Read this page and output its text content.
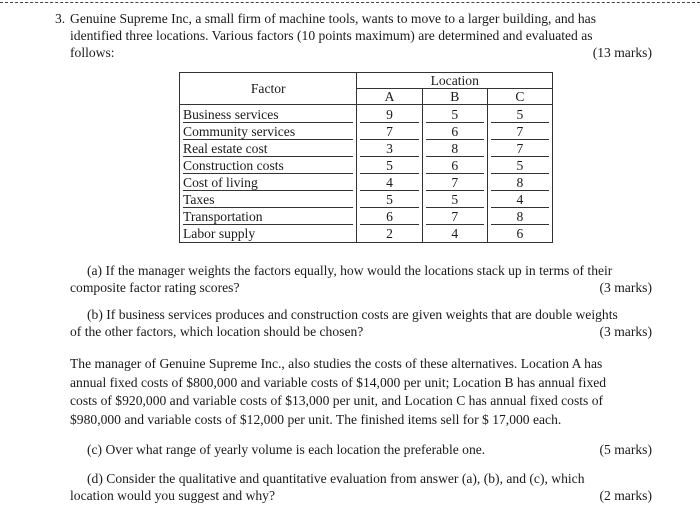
3. Genuine Supreme Inc, a small firm of machine tools, wants to move to a larger building, and has
identified three locations. Various factors (10 points maximum) are determined and evaluated as
follows:	(13 marks)
Factor	Location		
	A	B	C

Business services	9	5	5

Community services	7	6	7

Real estate cost	3	8	7

Construction costs	5	6	5

Cost of living	4	7	8

Taxes	5	5	4

Transportation	6	7	8

Labor supply	2	4	6
(a) If the manager weights the factors equally, how would the locations stack up in terms of their
composite factor rating scores?	(3 marks)
(b) If business services produces and construction costs are given weights that are double weights
of the other factors, which location should be chosen?	(3 marks)
The manager of Genuine Supreme Inc., also studies the costs of these alternatives. Location A has
annual fixed costs of $800,000 and variable costs of $14,000 per unit; Location B has annual fixed
costs of $920,000 and variable costs of $13,000 per unit, and Location C has annual fixed costs of
$980,000 and variable costs of $12,000 per unit. The finished items sell for $ 17,000 each.
(c) Over what range of yearly volume is each location the preferable one.	(5 marks)
(d) Consider the qualitative and quantitative evaluation from answer (a), (b), and (c), which
location would you suggest and why?	(2 marks)
